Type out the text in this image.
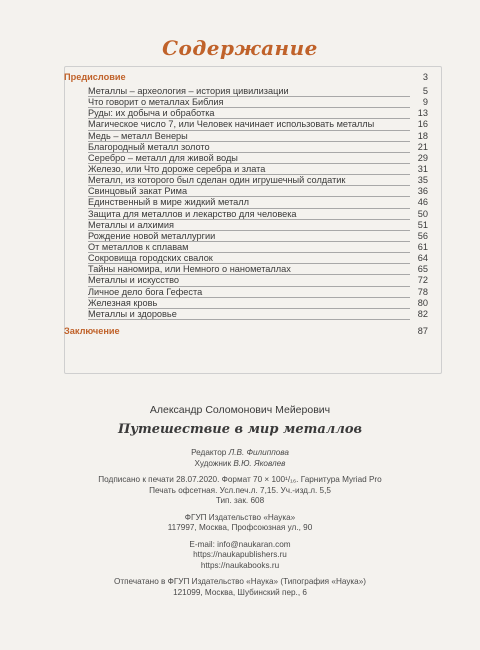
Содержание
Предисловие	3
Металлы – археология – история цивилизации	5
Что говорит о металлах Библия	9
Руды: их добыча и обработка	13
Магическое число 7, или Человек начинает использовать металлы	16
Медь – металл Венеры	18
Благородный металл золото	21
Серебро – металл для живой воды	29
Железо, или Что дороже серебра и злата	31
Металл, из которого был сделан один игрушечный солдатик	35
Свинцовый закат Рима	36
Единственный в мире жидкий металл	46
Защита для металлов и лекарство для человека	50
Металлы и алхимия	51
Рождение новой металлургии	56
От металлов к сплавам	61
Сокровища городских свалок	64
Тайны наномира, или Немного о нанометаллах	65
Металлы и искусство	72
Личное дело бога Гефеста	78
Железная кровь	80
Металлы и здоровье	82
Заключение	87
Александр Соломонович Мейерович
Путешествие в мир металлов
Редактор Л.В. Филиппова
Художник В.Ю. Яковлев
Подписано к печати 28.07.2020. Формат 70 × 100¹/₁₆. Гарнитура Myriad Pro
Печать офсетная. Усл.печ.л. 7,15. Уч.-изд.л. 5,5
Тип. зак. 608
ФГУП Издательство «Наука»
117997, Москва, Профсоюзная ул., 90
E-mail: info@naukaran.com
https://naukapublishers.ru
https://naukabooks.ru
Отпечатано в ФГУП Издательство «Наука» (Типография «Наука»)
121099, Москва, Шубинский пер., 6
